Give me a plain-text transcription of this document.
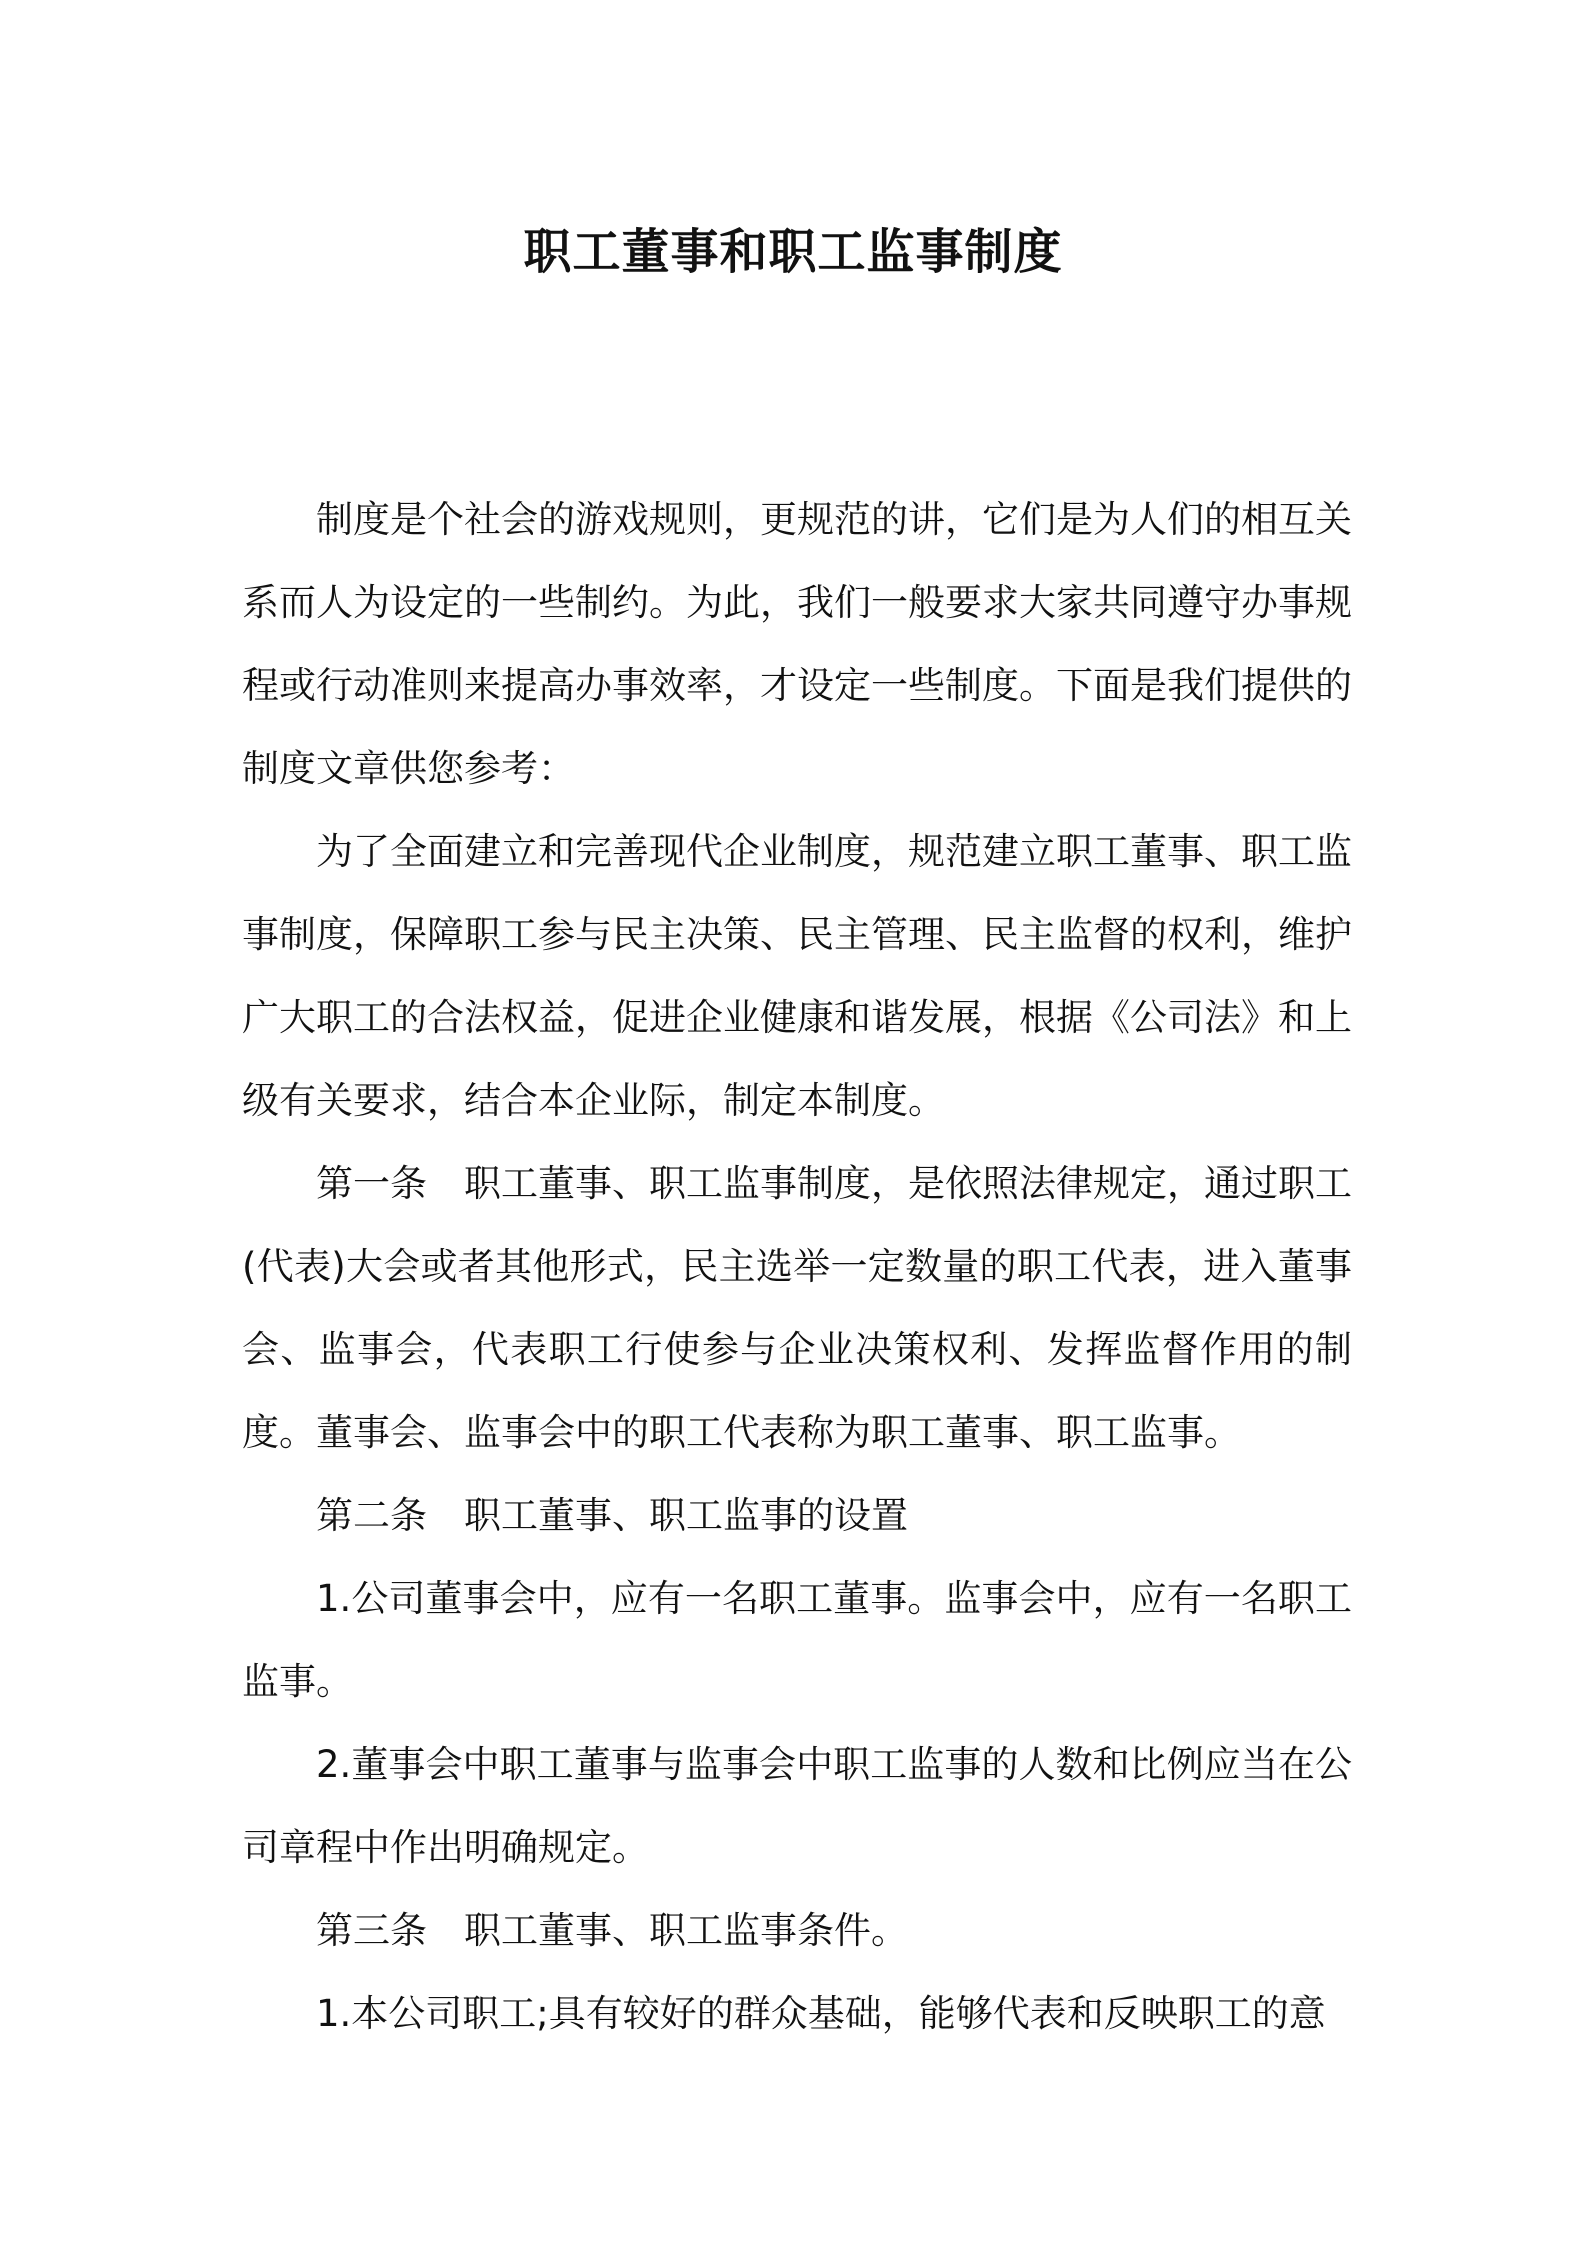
职工董事和职工监事制度

制度是个社会的游戏规则，更规范的讲，它们是为人们的相互关系而人为设定的一些制约。为此，我们一般要求大家共同遵守办事规程或行动准则来提高办事效率，才设定一些制度。下面是我们提供的制度文章供您参考：

为了全面建立和完善现代企业制度，规范建立职工董事、职工监事制度，保障职工参与民主决策、民主管理、民主监督的权利，维护广大职工的合法权益，促进企业健康和谐发展，根据《公司法》和上级有关要求，结合本企业际，制定本制度。

第一条 职工董事、职工监事制度，是依照法律规定，通过职工(代表)大会或者其他形式，民主选举一定数量的职工代表，进入董事会、监事会，代表职工行使参与企业决策权利、发挥监督作用的制度。董事会、监事会中的职工代表称为职工董事、职工监事。

第二条 职工董事、职工监事的设置

1.公司董事会中，应有一名职工董事。监事会中，应有一名职工监事。

2.董事会中职工董事与监事会中职工监事的人数和比例应当在公司章程中作出明确规定。

第三条 职工董事、职工监事条件。

1.本公司职工;具有较好的群众基础，能够代表和反映职工的意
